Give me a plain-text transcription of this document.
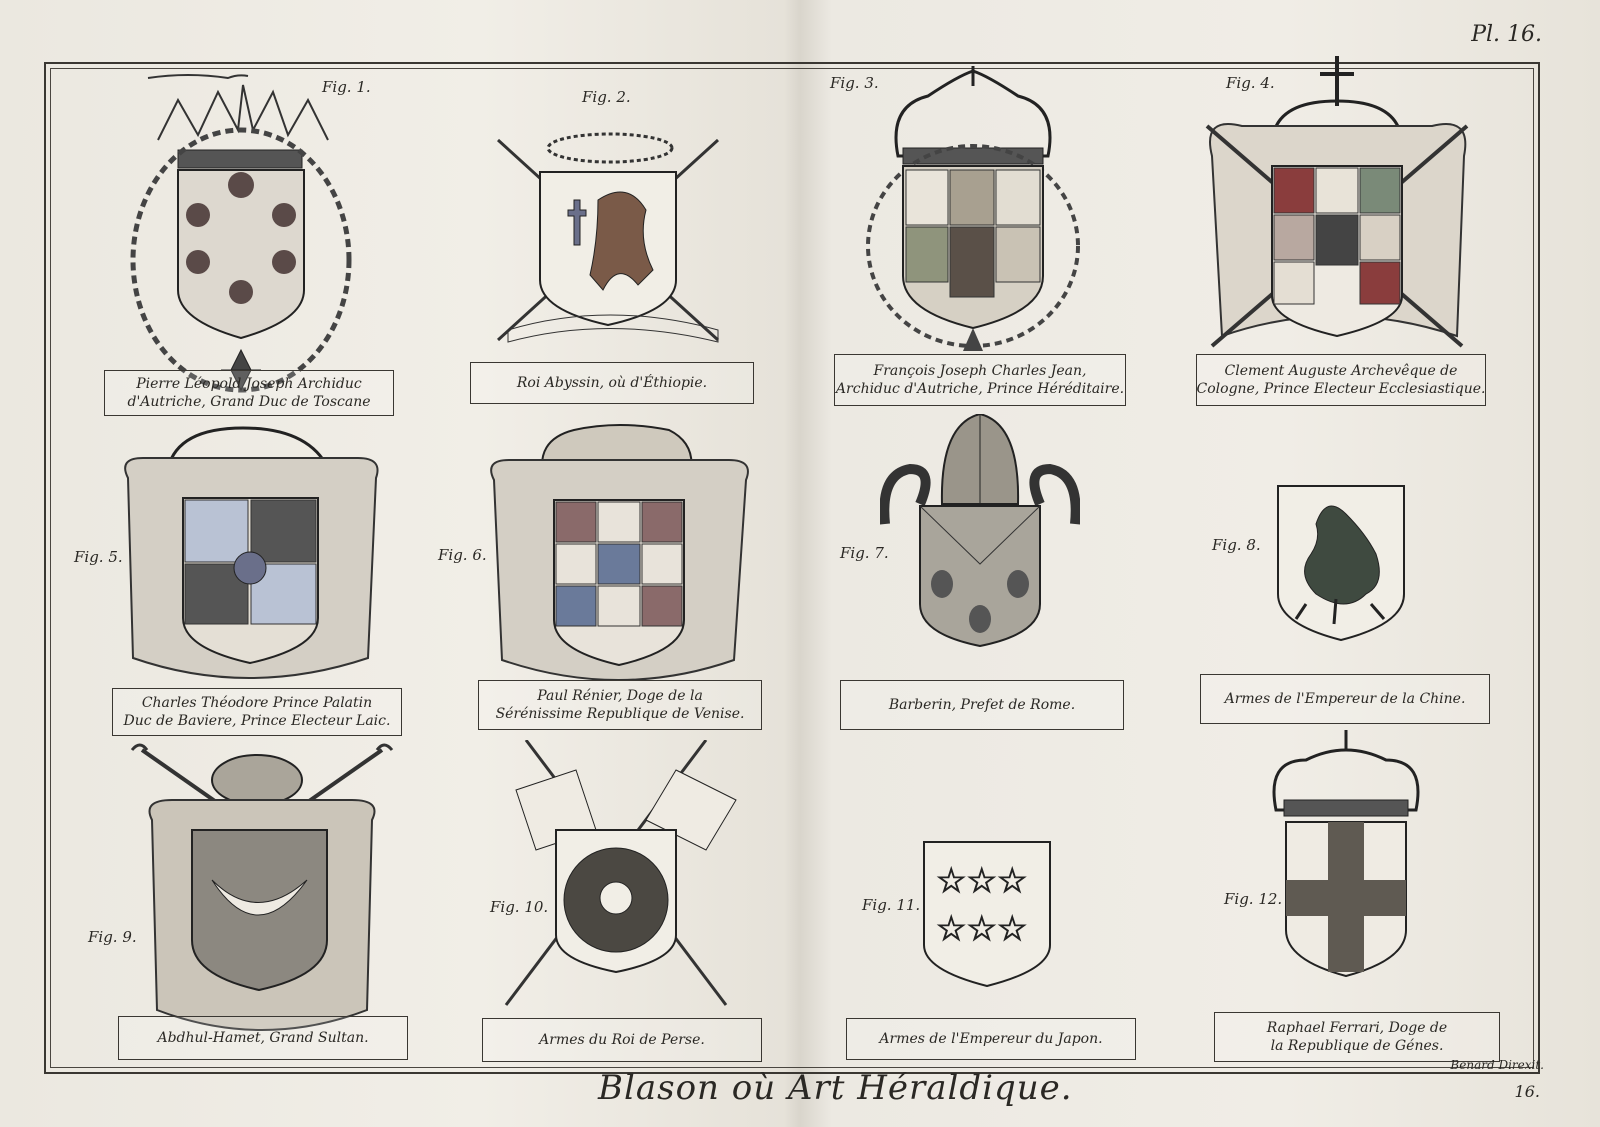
Pl. 16.
Fig. 1.
Pierre Léopold Joseph Archiduc
d'Autriche, Grand Duc de Toscane
Fig. 2.
Roi Abyssin, où d'Éthiopie.
Fig. 3.
François Joseph Charles Jean,
Archiduc d'Autriche, Prince Héréditaire.
Fig. 4.
Clement Auguste Archevêque de
Cologne, Prince Electeur Ecclesiastique.
Fig. 5.
Charles Théodore Prince Palatin
Duc de Baviere, Prince Electeur Laic.
Fig. 6.
Paul Rénier, Doge de la
Sérénissime Republique de Venise.
Fig. 7.
Barberin, Prefet de Rome.
Fig. 8.
Armes de l'Empereur de la Chine.
Fig. 9.
Abdhul-Hamet, Grand Sultan.
Fig. 10.
Armes du Roi de Perse.
Fig. 11.
☆☆☆
☆☆☆
Armes de l'Empereur du Japon.
Fig. 12.
Raphael Ferrari, Doge de
la Republique de Génes.
Blason où Art Héraldique.
Benard Direxit.
16.
